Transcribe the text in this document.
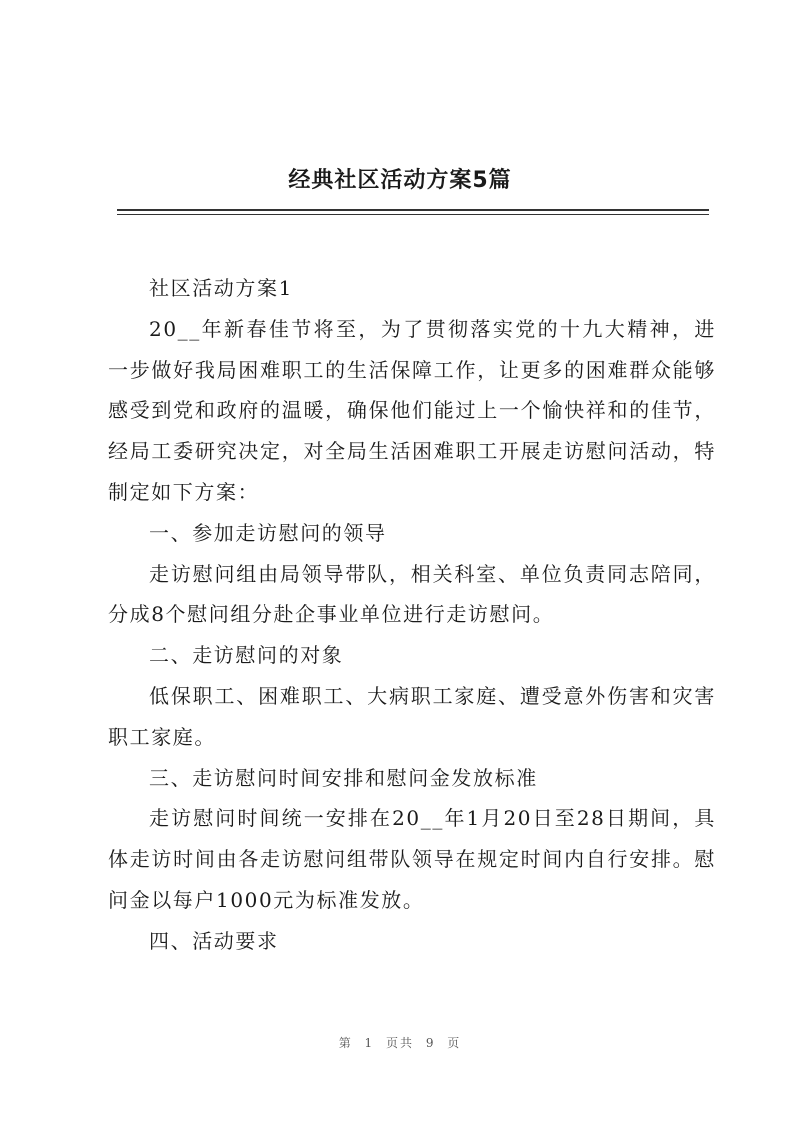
经典社区活动方案5篇

社区活动方案1

20__年新春佳节将至，为了贯彻落实党的十九大精神，进一步做好我局困难职工的生活保障工作，让更多的困难群众能够感受到党和政府的温暖，确保他们能过上一个愉快祥和的佳节，经局工委研究决定，对全局生活困难职工开展走访慰问活动，特制定如下方案：

一、参加走访慰问的领导

走访慰问组由局领导带队，相关科室、单位负责同志陪同，分成8个慰问组分赴企事业单位进行走访慰问。

二、走访慰问的对象

低保职工、困难职工、大病职工家庭、遭受意外伤害和灾害职工家庭。

三、走访慰问时间安排和慰问金发放标准

走访慰问时间统一安排在20__年1月20日至28日期间，具体走访时间由各走访慰问组带队领导在规定时间内自行安排。慰问金以每户1000元为标准发放。

四、活动要求

第 1 页共 9 页
